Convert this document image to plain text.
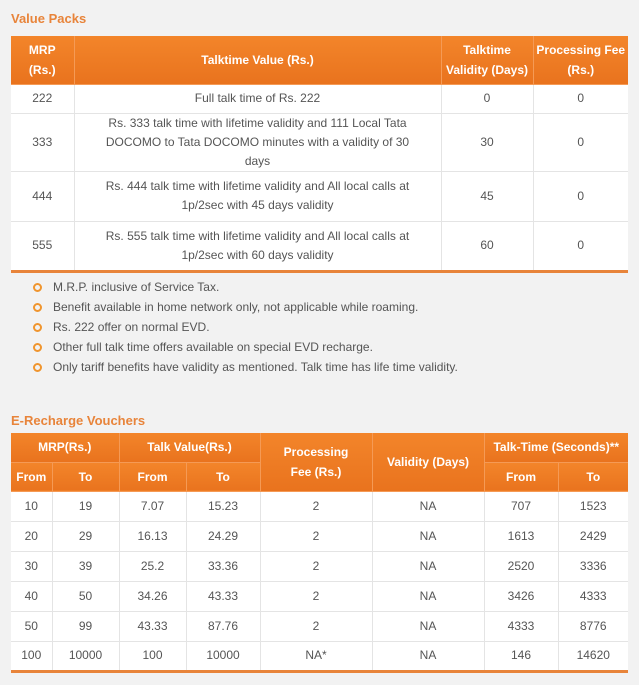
Value Packs
MRP (Rs.)	Talktime Value (Rs.)	Talktime Validity (Days)	Processing Fee (Rs.)
222	Full talk time of Rs. 222	0	0
333	Rs. 333 talk time with lifetime validity and 111 Local Tata DOCOMO to Tata DOCOMO minutes with a validity of 30 days	30	0
444	Rs. 444 talk time with lifetime validity and All local calls at 1p/2sec with 45 days validity	45	0
555	Rs. 555 talk time with lifetime validity and All local calls at 1p/2sec with 60 days validity	60	0
M.R.P. inclusive of Service Tax.
Benefit available in home network only, not applicable while roaming.
Rs. 222 offer on normal EVD.
Other full talk time offers available on special EVD recharge.
Only tariff benefits have validity as mentioned. Talk time has life time validity.
E-Recharge Vouchers
MRP(Rs.)		Talk Value(Rs.)		Processing Fee (Rs.)	Validity (Days)	Talk-Time (Seconds)**	
From	To	From	To			From	To
10	19	7.07	15.23	2	NA	707	1523
20	29	16.13	24.29	2	NA	1613	2429
30	39	25.2	33.36	2	NA	2520	3336
40	50	34.26	43.33	2	NA	3426	4333
50	99	43.33	87.76	2	NA	4333	8776
100	10000	100	10000	NA*	NA	146	14620
